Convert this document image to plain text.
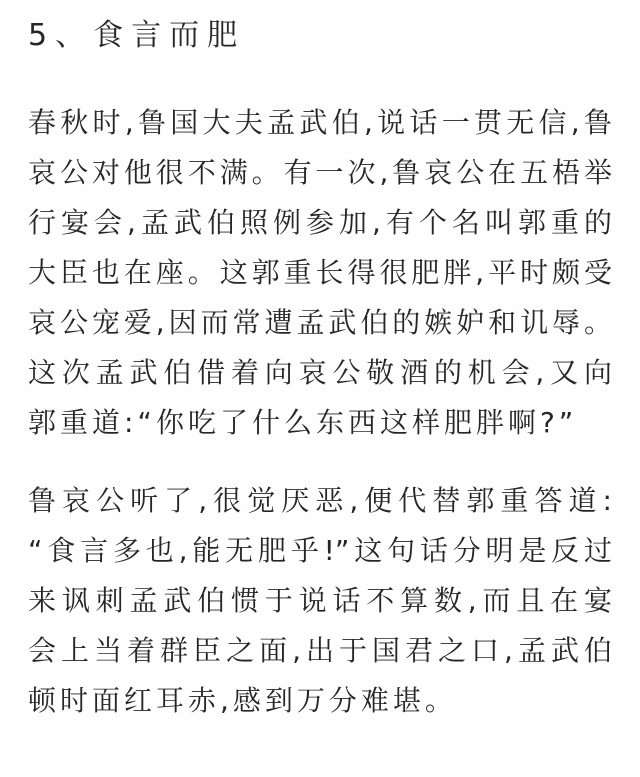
5、食言而肥
春秋时,鲁国大夫孟武伯,说话一贯无信,鲁
哀公对他很不满。有一次,鲁哀公在五梧举
行宴会,孟武伯照例参加,有个名叫郭重的
大臣也在座。这郭重长得很肥胖,平时颇受
哀公宠爱,因而常遭孟武伯的嫉妒和讥辱。
这次孟武伯借着向哀公敬酒的机会,又向
郭重道:“你吃了什么东西这样肥胖啊?”
鲁哀公听了,很觉厌恶,便代替郭重答道:
“食言多也,能无肥乎!”这句话分明是反过
来讽刺孟武伯惯于说话不算数,而且在宴
会上当着群臣之面,出于国君之口,孟武伯
顿时面红耳赤,感到万分难堪。
